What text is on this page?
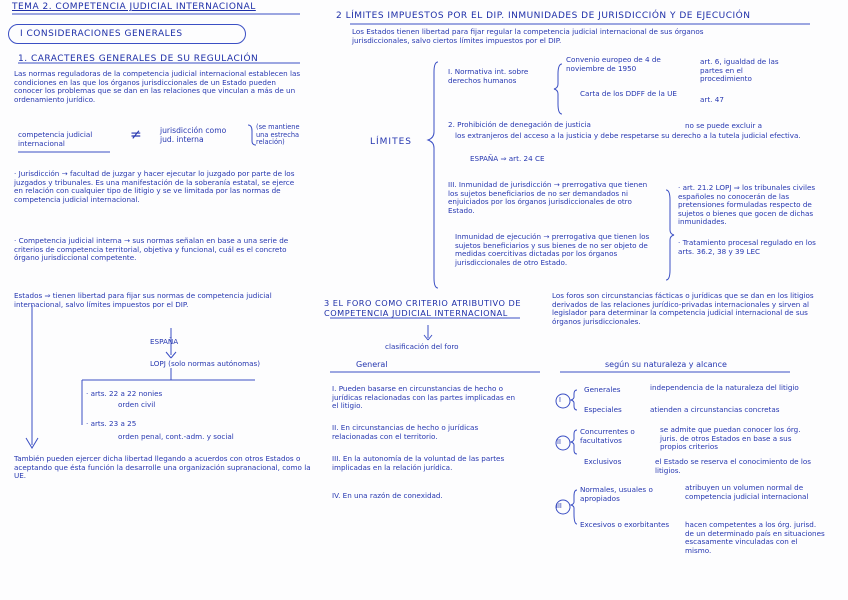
TEMA 2. COMPETENCIA JUDICIAL INTERNACIONAL
I CONSIDERACIONES GENERALES
1. CARACTERES GENERALES DE SU REGULACIÓN
Las normas reguladoras de la competencia judicial internacional establecen las condiciones en las que los órganos jurisdiccionales de un Estado pueden conocer los problemas que se dan en las relaciones que vinculan a más de un ordenamiento jurídico.
competencia judicial internacional
≠ jurisdicción como jud. interna
(se mantiene una estrecha relación)
· Jurisdicción → facultad de juzgar y hacer ejecutar lo juzgado por parte de los juzgados y tribunales. Es una manifestación de la soberanía estatal, se ejerce en relación con cualquier tipo de litigio y se ve limitada por las normas de competencia judicial internacional.
· Competencia judicial interna → sus normas señalan en base a una serie de criterios de competencia territorial, objetiva y funcional, cuál es el concreto órgano jurisdiccional competente.
Estados ⇒ tienen libertad para fijar sus normas de competencia judicial internacional, salvo límites impuestos por el DIP.
ESPAÑA
LOPJ (solo normas autónomas)
· arts. 22 a 22 nonies
orden civil
· arts. 23 a 25
orden penal, cont.-adm. y social
También pueden ejercer dicha libertad llegando a acuerdos con otros Estados o aceptando que ésta función la desarrolle una organización supranacional, como la UE.
2 LÍMITES IMPUESTOS POR EL DIP. INMUNIDADES DE JURISDICCIÓN Y DE EJECUCIÓN
Los Estados tienen libertad para fijar regular la competencia judicial internacional de sus órganos jurisdiccionales, salvo ciertos límites impuestos por el DIP.
LÍMITES
I. Normativa int. sobre derechos humanos
Convenio europeo de 4 de noviembre de 1950
art. 6, igualdad de las partes en el procedimiento
Carta de los DDFF de la UE
art. 47
2. Prohibición de denegación de justicia	no se puede excluir a
los extranjeros del acceso a la justicia y debe respetarse su derecho a la tutela judicial efectiva.
ESPAÑA ⇒ art. 24 CE
III. Inmunidad de jurisdicción → prerrogativa que tienen los sujetos beneficiarios de no ser demandados ni enjuiciados por los órganos jurisdiccionales de otro Estado.
Inmunidad de ejecución → prerrogativa que tienen los sujetos beneficiarios y sus bienes de no ser objeto de medidas coercitivas dictadas por los órganos jurisdiccionales de otro Estado.
· art. 21.2 LOPJ ⇒ los tribunales civiles españoles no conocerán de las pretensiones formuladas respecto de sujetos o bienes que gocen de dichas inmunidades.
· Tratamiento procesal regulado en los arts. 36.2, 38 y 39 LEC
3 EL FORO COMO CRITERIO ATRIBUTIVO DE COMPETENCIA JUDICIAL INTERNACIONAL
Los foros son circunstancias fácticas o jurídicas que se dan en los litigios derivados de las relaciones jurídico-privadas internacionales y sirven al legislador para determinar la competencia judicial internacional de sus órganos jurisdiccionales.
clasificación del foro
General	según su naturaleza y alcance
I. Pueden basarse en circunstancias de hecho o jurídicas relacionadas con las partes implicadas en el litigio.
II. En circunstancias de hecho o jurídicas relacionadas con el territorio.
III. En la autonomía de la voluntad de las partes implicadas en la relación jurídica.
IV. En una razón de conexidad.
I
II
III
Generales	independencia de la naturaleza del litigio
Especiales	atienden a circunstancias concretas
Concurrentes o facultativos
se admite que puedan conocer los órg. juris. de otros Estados en base a sus propios criterios
Exclusivos	el Estado se reserva el conocimiento de los litigios.
Normales, usuales o apropiados
atribuyen un volumen normal de competencia judicial internacional
Excesivos o exorbitantes hacen competentes a los órg. jurisd. de un determinado país en situaciones escasamente vinculadas con el mismo.
